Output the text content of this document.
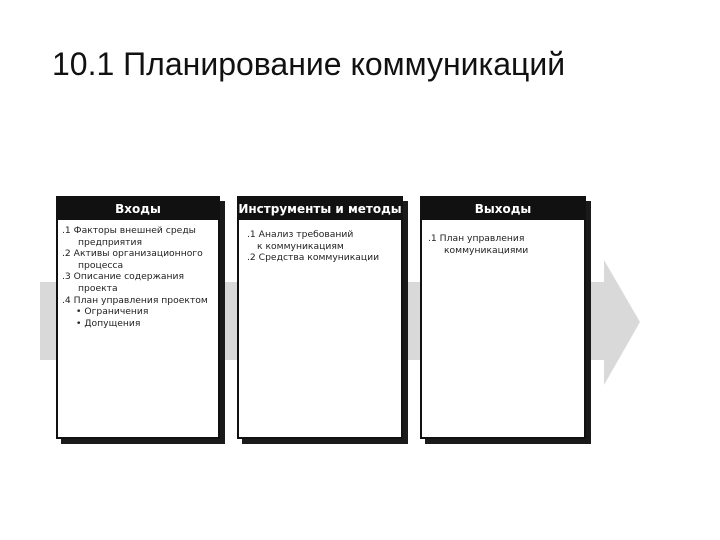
10.1 Планирование коммуникаций
Входы
.1 Факторы внешней среды
предприятия
.2 Активы организационного
процесса
.3 Описание содержания
проекта
.4 План управления проектом
• Ограничения
• Допущения
Инструменты и методы
.1 Анализ требований
к коммуникациям
.2 Средства коммуникации
Выходы
.1 План управления
коммуникациями
